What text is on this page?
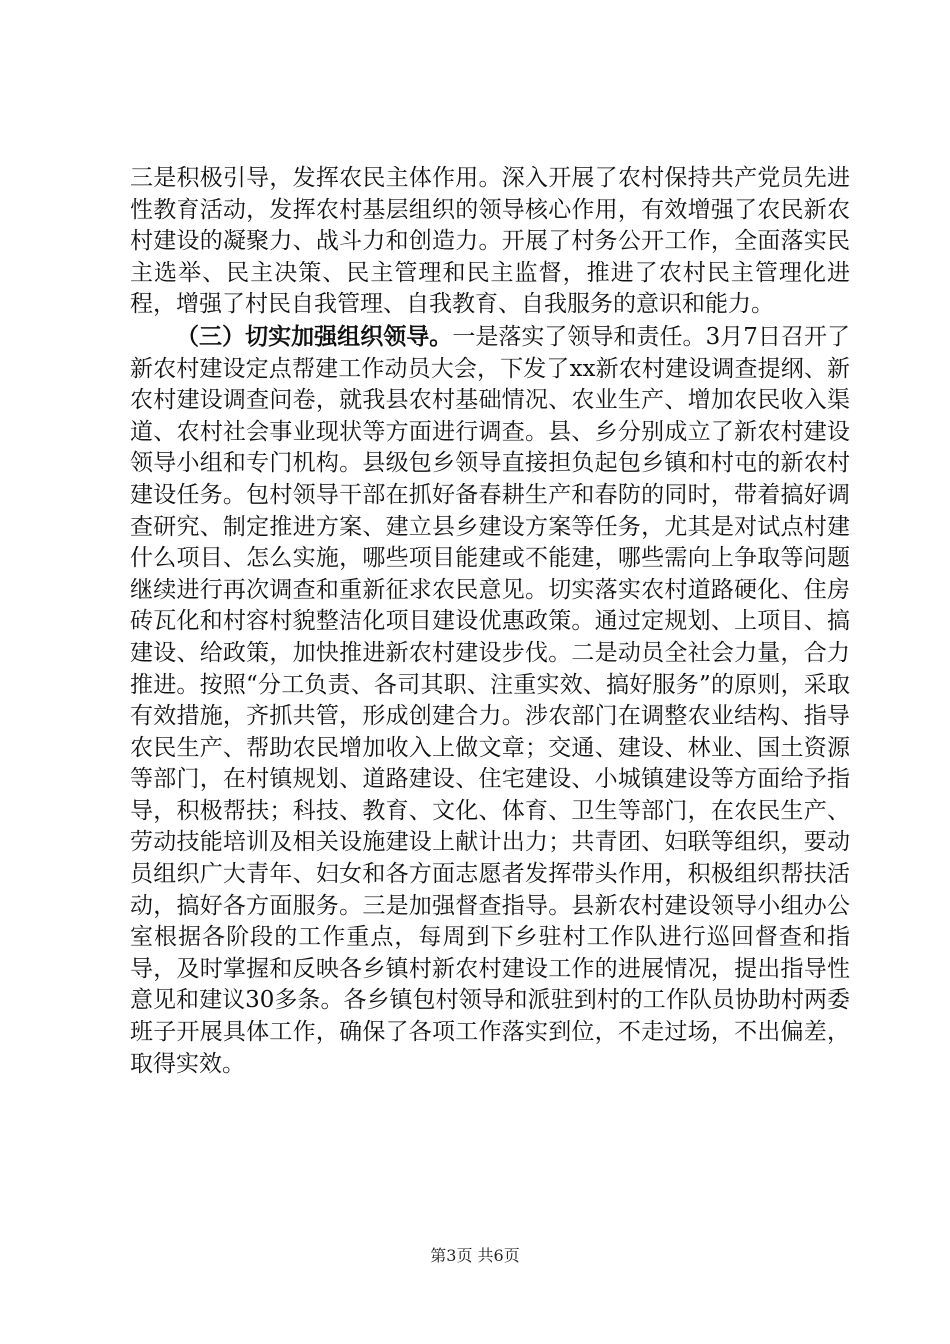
三是积极引导，发挥农民主体作用。深入开展了农村保持共产党员先进性教育活动，发挥农村基层组织的领导核心作用，有效增强了农民新农村建设的凝聚力、战斗力和创造力。开展了村务公开工作，全面落实民主选举、民主决策、民主管理和民主监督，推进了农村民主管理化进程，增强了村民自我管理、自我教育、自我服务的意识和能力。

（三）切实加强组织领导。一是落实了领导和责任。3月7日召开了新农村建设定点帮建工作动员大会，下发了xx新农村建设调查提纲、新农村建设调查问卷，就我县农村基础情况、农业生产、增加农民收入渠道、农村社会事业现状等方面进行调查。县、乡分别成立了新农村建设领导小组和专门机构。县级包乡领导直接担负起包乡镇和村屯的新农村建设任务。包村领导干部在抓好备春耕生产和春防的同时，带着搞好调查研究、制定推进方案、建立县乡建设方案等任务，尤其是对试点村建什么项目、怎么实施，哪些项目能建或不能建，哪些需向上争取等问题继续进行再次调查和重新征求农民意见。切实落实农村道路硬化、住房砖瓦化和村容村貌整洁化项目建设优惠政策。通过定规划、上项目、搞建设、给政策，加快推进新农村建设步伐。二是动员全社会力量，合力推进。按照“分工负责、各司其职、注重实效、搞好服务”的原则，采取有效措施，齐抓共管，形成创建合力。涉农部门在调整农业结构、指导农民生产、帮助农民增加收入上做文章；交通、建设、林业、国土资源等部门，在村镇规划、道路建设、住宅建设、小城镇建设等方面给予指导，积极帮扶；科技、教育、文化、体育、卫生等部门，在农民生产、劳动技能培训及相关设施建设上献计出力；共青团、妇联等组织，要动员组织广大青年、妇女和各方面志愿者发挥带头作用，积极组织帮扶活动，搞好各方面服务。三是加强督查指导。县新农村建设领导小组办公室根据各阶段的工作重点，每周到下乡驻村工作队进行巡回督查和指导，及时掌握和反映各乡镇村新农村建设工作的进展情况，提出指导性意见和建议30多条。各乡镇包村领导和派驻到村的工作队员协助村两委班子开展具体工作，确保了各项工作落实到位，不走过场，不出偏差，取得实效。

第3页 共6页
